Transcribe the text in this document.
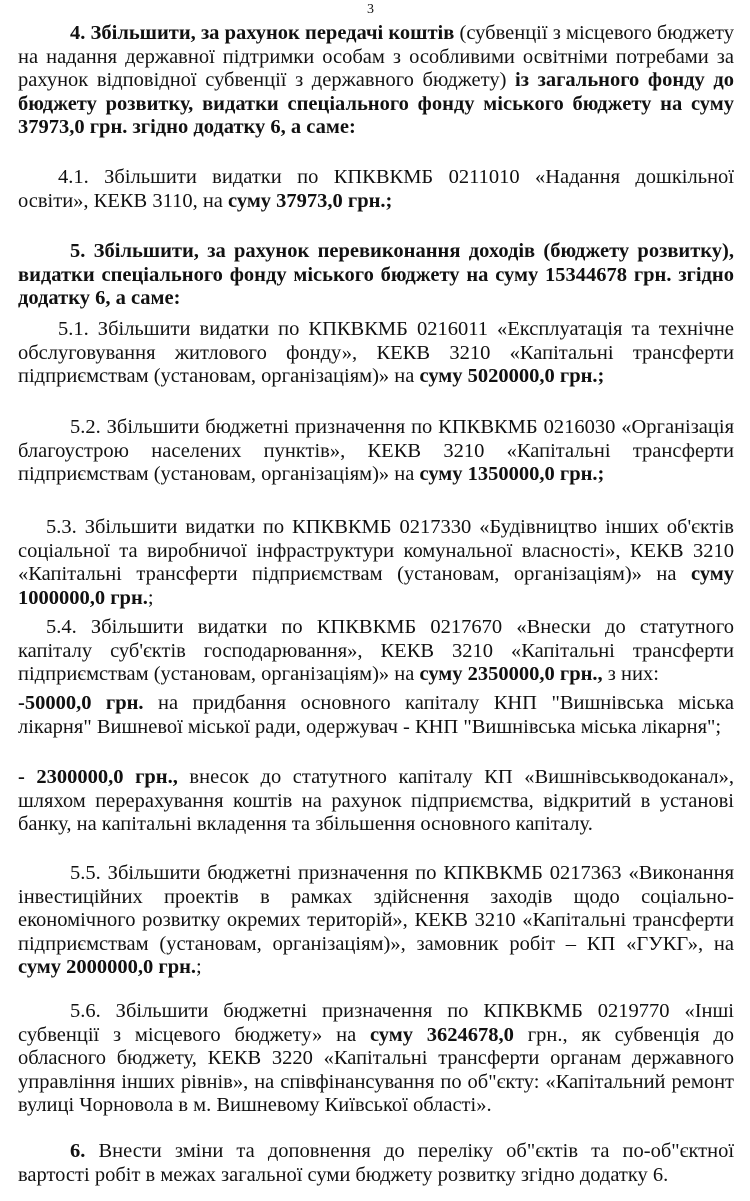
3

4. Збільшити, за рахунок передачі коштів (субвенції з місцевого бюджету на надання державної підтримки особам з особливими освітніми потребами за рахунок відповідної субвенції з державного бюджету) із загального фонду до бюджету розвитку, видатки спеціального фонду міського бюджету на суму 37973,0 грн. згідно додатку 6, а саме:

4.1. Збільшити видатки по КПКВКМБ 0211010 «Надання дошкільної освіти», КЕКВ 3110, на суму 37973,0 грн.;

5. Збільшити, за рахунок перевиконання доходів (бюджету розвитку), видатки спеціального фонду міського бюджету на суму 15344678 грн. згідно додатку 6, а саме:

5.1. Збільшити видатки по КПКВКМБ 0216011 «Експлуатація та технічне обслуговування житлового фонду», КЕКВ 3210 «Капітальні трансферти підприємствам (установам, організаціям)» на суму 5020000,0 грн.;

5.2. Збільшити бюджетні призначення по КПКВКМБ 0216030 «Організація благоустрою населених пунктів», КЕКВ 3210 «Капітальні трансферти підприємствам (установам, організаціям)» на суму 1350000,0 грн.;

5.3. Збільшити видатки по КПКВКМБ 0217330 «Будівництво інших об'єктів соціальної та виробничої інфраструктури комунальної власності», КЕКВ 3210 «Капітальні трансферти підприємствам (установам, організаціям)» на суму 1000000,0 грн.;

5.4. Збільшити видатки по КПКВКМБ 0217670 «Внески до статутного капіталу суб'єктів господарювання», КЕКВ 3210 «Капітальні трансферти підприємствам (установам, організаціям)» на суму 2350000,0 грн., з них:

-50000,0 грн. на придбання основного капіталу КНП "Вишнівська міська лікарня" Вишневої міської ради, одержувач - КНП "Вишнівська міська лікарня";

- 2300000,0 грн., внесок до статутного капіталу КП «Вишнівськводоканал», шляхом перерахування коштів на рахунок підприємства, відкритий в установі банку, на капітальні вкладення та збільшення основного капіталу.

5.5. Збільшити бюджетні призначення по КПКВКМБ 0217363 «Виконання інвестиційних проектів в рамках здійснення заходів щодо соціально-економічного розвитку окремих територій», КЕКВ 3210 «Капітальні трансферти підприємствам (установам, організаціям)», замовник робіт – КП «ГУКГ», на суму 2000000,0 грн.;

5.6. Збільшити бюджетні призначення по КПКВКМБ 0219770 «Інші субвенції з місцевого бюджету» на суму 3624678,0 грн., як субвенція до обласного бюджету, КЕКВ 3220 «Капітальні трансферти органам державного управління інших рівнів», на співфінансування по об"єкту: «Капітальний ремонт вулиці Чорновола в м. Вишневому Київської області».

6. Внести зміни та доповнення до переліку об"єктів та по-об"єктної вартості робіт в межах загальної суми бюджету розвитку згідно додатку 6.
